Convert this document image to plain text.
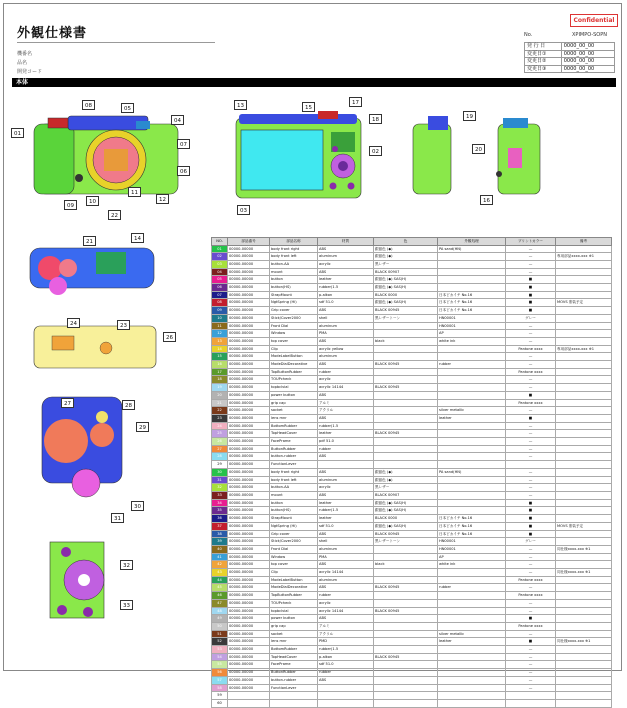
Confidential
外観仕様書	No.	XPIMPO-SOPN
発 行 日	0000_00_00
変更日①	0000_00_00
変更日②	0000_00_00
変更日③	0000_00_00
機番名
品名
開発コード
本体
01
02
03
04
05
06
07
08
09
10
11
12
13
14
15
16
17
18	19
20
21
22
23
24
26
27	28
29
30
31
32
33
NO.	部品番号	部品名称	材質	色	外観処理	プリントカラー	備考
01	00000-00000	body front right	ABS	銀鼠色 (◆)	PA sand(HN)	—	
02	00000-00000	body front left	aluminum	銀鼠色 (◆)		—	専用部品xxxx-xxx ※1
03	00000-00000	button-AA	acrylic	黒レザー		—	
04	00000-00000	mount	ABS	BLACK 00907		—	
05	00000-00000	button	leather	銀鼠色 (◆) SAS(H)		■	
06	00000-00000	button(HS)	rubber(1.5	銀鼠色 (◆) SAS(H)		■	
07	00000-00000	StrapMount	p-alkon	BLACK 0000	日本ピカイチ No.16	■	
08	00000-00000	NgtSpring (Hi)	sdf 51.0	銀鼠色 (◆) SAS(H)	日本ピカイチ No.16	■	MOVS 塗装予定
09	00000-00000	Grip cover	ABS	BLACK 00945	日本ピカイチ No.16	■	
10	00000-00000	Stick/Cover2000	shell	黒レザートーン	HN00001	グレー	
11	00000-00000	Front Dial	aluminum		HN00001	—	
12	00000-00000	Window	PMA		AP	—	
13	00000-00000	top cover	ABS	black	white ink	—	
14	00000-00000	Clip	acrylic yellow			Pantone xxxx	専用部品xxxx-xxx ※1
15	00000-00000	ModeLabelButton	aluminum			—	
16	00000-00000	ModeDialDecorative	ABS	BLACK 00945	rubber	—	
17	00000-00000	TopButtonRubber	rubber			Pantone xxxx	
18	00000-00000	TOUPcheck	acrylic			—	
19	00000-00000	topbclvial	acrylic 14144	BLACK 00945		—	
20	00000-00000	power button	ABS			■	
21	00000-00000	grip cap	アルミ			Pantone xxxx	
22	00000-00000	socket	アクリル		silver metallic	—	
23	00000-00000	lens mnr	ABS		leather	■	
24	00000-00000	BottomRubber	rubber(1.5			—	
25	00000-00000	TopHeadCover	leather	BLACK 00945		—	
26	00000-00000	FacePrame	pdf 51.0			—	
27	00000-00000	ButtonRubber	rubber			—	
28	00000-00000	button-rubber	ABS			—	
29	00000-00000	FunctionLever					
30	00000-00000	body front right	ABS	銀鼠色 (◆)	PA sand(HN)	—	
31	00000-00000	body front left	aluminum	銀鼠色 (◆)		—	
32	00000-00000	button-AA	acrylic	黒レザー		—	
33	00000-00000	mount	ABS	BLACK 00907		—	
34	00000-00000	button	leather	銀鼠色 (◆) SAS(H)		■	
35	00000-00000	button(HS)	rubber(1.5	銀鼠色 (◆) SAS(H)		■	
36	00000-00000	StrapMount	leather	BLACK 0000	日本ピカイチ No.16	■	
37	00000-00000	NgtSpring (Hi)	sdf 51.0	銀鼠色 (◆) SAS(H)	日本ピカイチ No.16	■	MOVS 塗装予定
38	00000-00000	Grip cover	ABS	BLACK 00945	日本ピカイチ No.16	■	
39	00000-00000	Stick/Cover2000	shell	黒レザートーン	HN00001	グレー	
40	00000-00000	Front Dial	aluminum		HN00001	—	同仕様xxxx-xxx ※1
41	00000-00000	Window	PMA		AP	—	
42	00000-00000	top cover	ABS	black	white ink	—	
43	00000-00000	Clip	acrylic 14144			—	同仕様xxxx-xxx ※1
44	00000-00000	ModeLabelButton	aluminum			Pantone xxxx	
45	00000-00000	ModeDialDecorative	ABS	BLACK 00945	rubber	—	
46	00000-00000	TopButtonRubber	rubber			Pantone xxxx	
47	00000-00000	TOUPcheck	acrylic			—	
48	00000-00000	topbclvial	acrylic 14144	BLACK 00945		—	
49	00000-00000	power button	ABS			■	
50	00000-00000	grip cap	アルミ			Pantone xxxx	
51	00000-00000	socket	アクリル		silver metallic	—	
52	00000-00000	lens mnr	PMD		leather	■	同仕様xxxx-xxx ※1
53	00000-00000	BottomRubber	rubber(1.5			—	
54	00000-00000	TopHeadCover	p-alkon	BLACK 00945		—	
55	00000-00000	FacePrame	sdf 51.0			—	
56	00000-00000	ButtonRubber	rubber			—	
57	00000-00000	button-rubber	ABS			—	
58	00000-00000	FunctionLever				—	
59							
60							
